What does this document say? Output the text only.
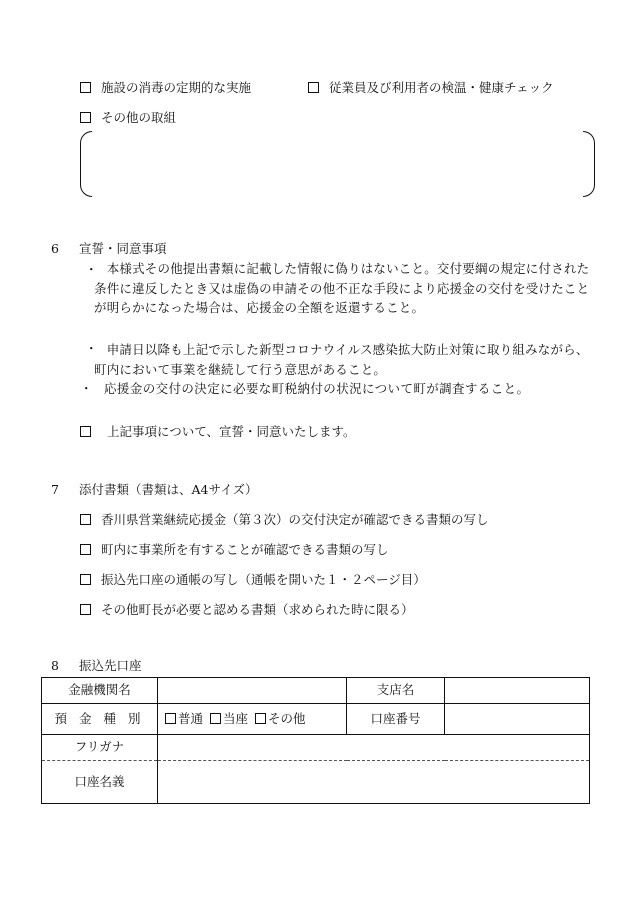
施設の消毒の定期的な実施	従業員及び利用者の検温・健康チェック
その他の取組
6 宣誓・同意事項
・
　本様式その他提出書類に記載した情報に偽りはないこと。交付要綱の規定に付された条件に違反したとき又は虚偽の申請その他不正な手段により応援金の交付を受けたことが明らかになった場合は、応援金の全額を返還すること。
・
　申請日以降も上記で示した新型コロナウイルス感染拡大防止対策に取り組みながら、町内において事業を継続して行う意思があること。
・ 応援金の交付の決定に必要な町税納付の状況について町が調査すること。
上記事項について、宣誓・同意いたします。
7 添付書類（書類は、A4サイズ）
香川県営業継続応援金（第３次）の交付決定が確認できる書類の写し
町内に事業所を有することが確認できる書類の写し
振込先口座の通帳の写し（通帳を開いた１・２ページ目）
その他町長が必要と認める書類（求められた時に限る）
8 振込先口座
金融機関名		支店名	
預 金 種 別	普通 当座 その他	口座番号	
フリガナ			
口座名義			
